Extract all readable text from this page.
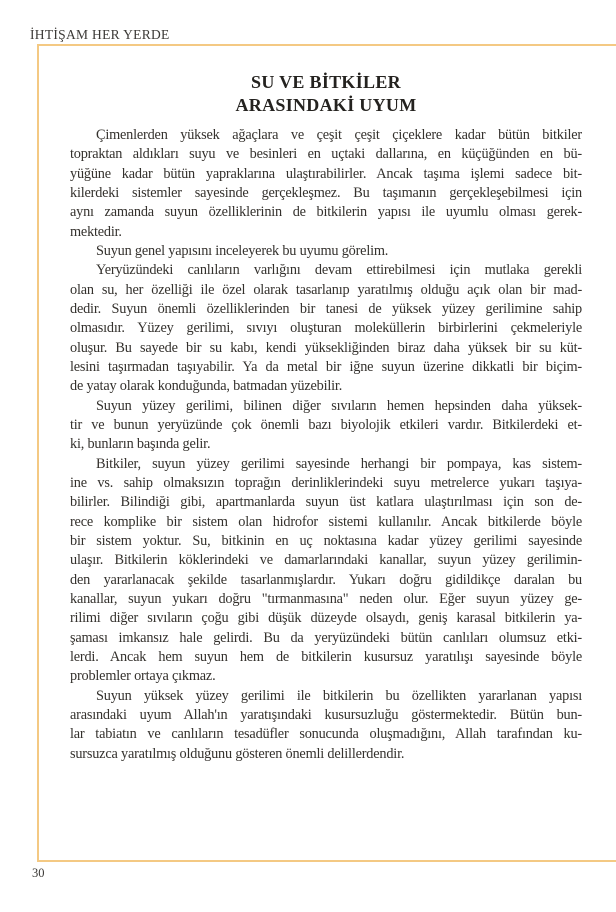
İHTİŞAM HER YERDE
SU VE BİTKİLER
ARASINDAKİ UYUM
Çimenlerden yüksek ağaçlara ve çeşit çeşit çiçeklere kadar bütün bitkiler
topraktan aldıkları suyu ve besinleri en uçtaki dallarına, en küçüğünden en bü-
yüğüne kadar bütün yapraklarına ulaştırabilirler. Ancak taşıma işlemi sadece bit-
kilerdeki sistemler sayesinde gerçekleşmez. Bu taşımanın gerçekleşebilmesi için
aynı zamanda suyun özelliklerinin de bitkilerin yapısı ile uyumlu olması gerek-
mektedir.
Suyun genel yapısını inceleyerek bu uyumu görelim.
Yeryüzündeki canlıların varlığını devam ettirebilmesi için mutlaka gerekli
olan su, her özelliği ile özel olarak tasarlanıp yaratılmış olduğu açık olan bir mad-
dedir. Suyun önemli özelliklerinden bir tanesi de yüksek yüzey gerilimine sahip
olmasıdır. Yüzey gerilimi, sıvıyı oluşturan moleküllerin birbirlerini çekmeleriyle
oluşur. Bu sayede bir su kabı, kendi yüksekliğinden biraz daha yüksek bir su küt-
lesini taşırmadan taşıyabilir. Ya da metal bir iğne suyun üzerine dikkatli bir biçim-
de yatay olarak konduğunda, batmadan yüzebilir.
Suyun yüzey gerilimi, bilinen diğer sıvıların hemen hepsinden daha yüksek-
tir ve bunun yeryüzünde çok önemli bazı biyolojik etkileri vardır. Bitkilerdeki et-
ki, bunların başında gelir.
Bitkiler, suyun yüzey gerilimi sayesinde herhangi bir pompaya, kas sistem-
ine vs. sahip olmaksızın toprağın derinliklerindeki suyu metrelerce yukarı taşıya-
bilirler. Bilindiği gibi, apartmanlarda suyun üst katlara ulaştırılması için son de-
rece komplike bir sistem olan hidrofor sistemi kullanılır. Ancak bitkilerde böyle
bir sistem yoktur. Su, bitkinin en uç noktasına kadar yüzey gerilimi sayesinde
ulaşır. Bitkilerin köklerindeki ve damarlarındaki kanallar, suyun yüzey gerilimin-
den yararlanacak şekilde tasarlanmışlardır. Yukarı doğru gidildikçe daralan bu
kanallar, suyun yukarı doğru "tırmanmasına" neden olur. Eğer suyun yüzey ge-
rilimi diğer sıvıların çoğu gibi düşük düzeyde olsaydı, geniş karasal bitkilerin ya-
şaması imkansız hale gelirdi. Bu da yeryüzündeki bütün canlıları olumsuz etki-
lerdi. Ancak hem suyun hem de bitkilerin kusursuz yaratılışı sayesinde böyle
problemler ortaya çıkmaz.
Suyun yüksek yüzey gerilimi ile bitkilerin bu özellikten yararlanan yapısı
arasındaki uyum Allah'ın yaratışındaki kusursuzluğu göstermektedir. Bütün bun-
lar tabiatın ve canlıların tesadüfler sonucunda oluşmadığını, Allah tarafından ku-
sursuzca yaratılmış olduğunu gösteren önemli delillerdendir.
30
